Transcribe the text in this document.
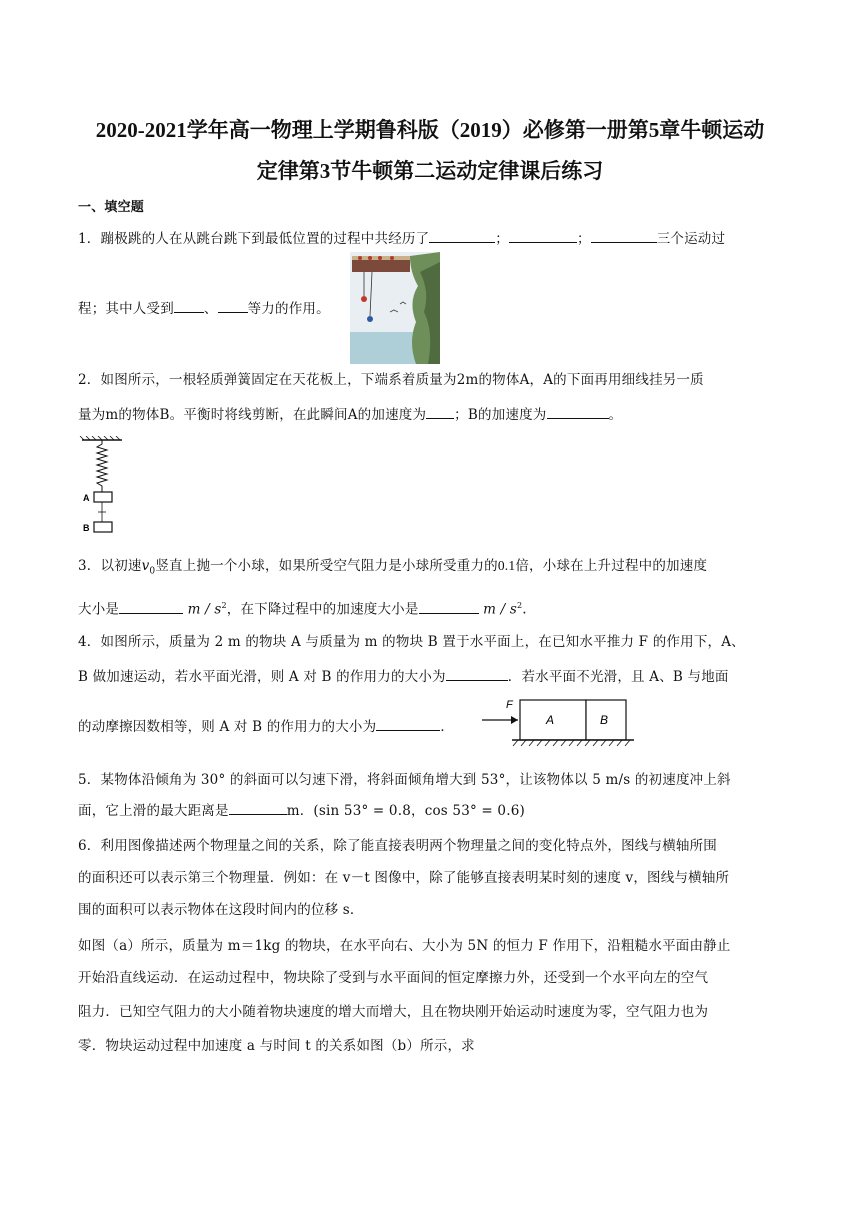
2020-2021学年高一物理上学期鲁科版（2019）必修第一册第5章牛顿运动
定律第3节牛顿第二运动定律课后练习
一、填空题
1．蹦极跳的人在从跳台跳下到最低位置的过程中共经历了	；	；	三个运动过
程；其中人受到 、 等力的作用。
2．如图所示，一根轻质弹簧固定在天花板上，下端系着质量为2m的物体A，A的下面再用细线挂另一质
量为m的物体B。平衡时将线剪断，在此瞬间A的加速度为 ；B的加速度为	。
A
B
3．以初速$v_0$竖直上抛一个小球，如果所受空气阻力是小球所受重力的0.1倍，小球在上升过程中的加速度
大小是	m / $s^2$，在下降过程中的加速度大小是	m / $s^2$.
4．如图所示，质量为 2 m 的物块 A 与质量为 m 的物块 B 置于水平面上，在已知水平推力 F 的作用下，A、
B 做加速运动，若水平面光滑，则 A 对 B 的作用力的大小为	．若水平面不光滑，且 A、B 与地面
的动摩擦因数相等，则 A 对 B 的作用力的大小为	．
F
A	B
5．某物体沿倾角为 30° 的斜面可以匀速下滑，将斜面倾角增大到 53°，让该物体以 5 m/s 的初速度冲上斜
面，它上滑的最大距离是	m．(sin 53° = 0.8，cos 53° = 0.6)
6．利用图像描述两个物理量之间的关系，除了能直接表明两个物理量之间的变化特点外，图线与横轴所围
的面积还可以表示第三个物理量．例如：在 v－t 图像中，除了能够直接表明某时刻的速度 v，图线与横轴所
围的面积可以表示物体在这段时间内的位移 s．
如图（a）所示，质量为 m＝1kg 的物块，在水平向右、大小为 5N 的恒力 F 作用下，沿粗糙水平面由静止
开始沿直线运动．在运动过程中，物块除了受到与水平面间的恒定摩擦力外，还受到一个水平向左的空气
阻力．已知空气阻力的大小随着物块速度的增大而增大，且在物块刚开始运动时速度为零，空气阻力也为
零．物块运动过程中加速度 a 与时间 t 的关系如图（b）所示，求
